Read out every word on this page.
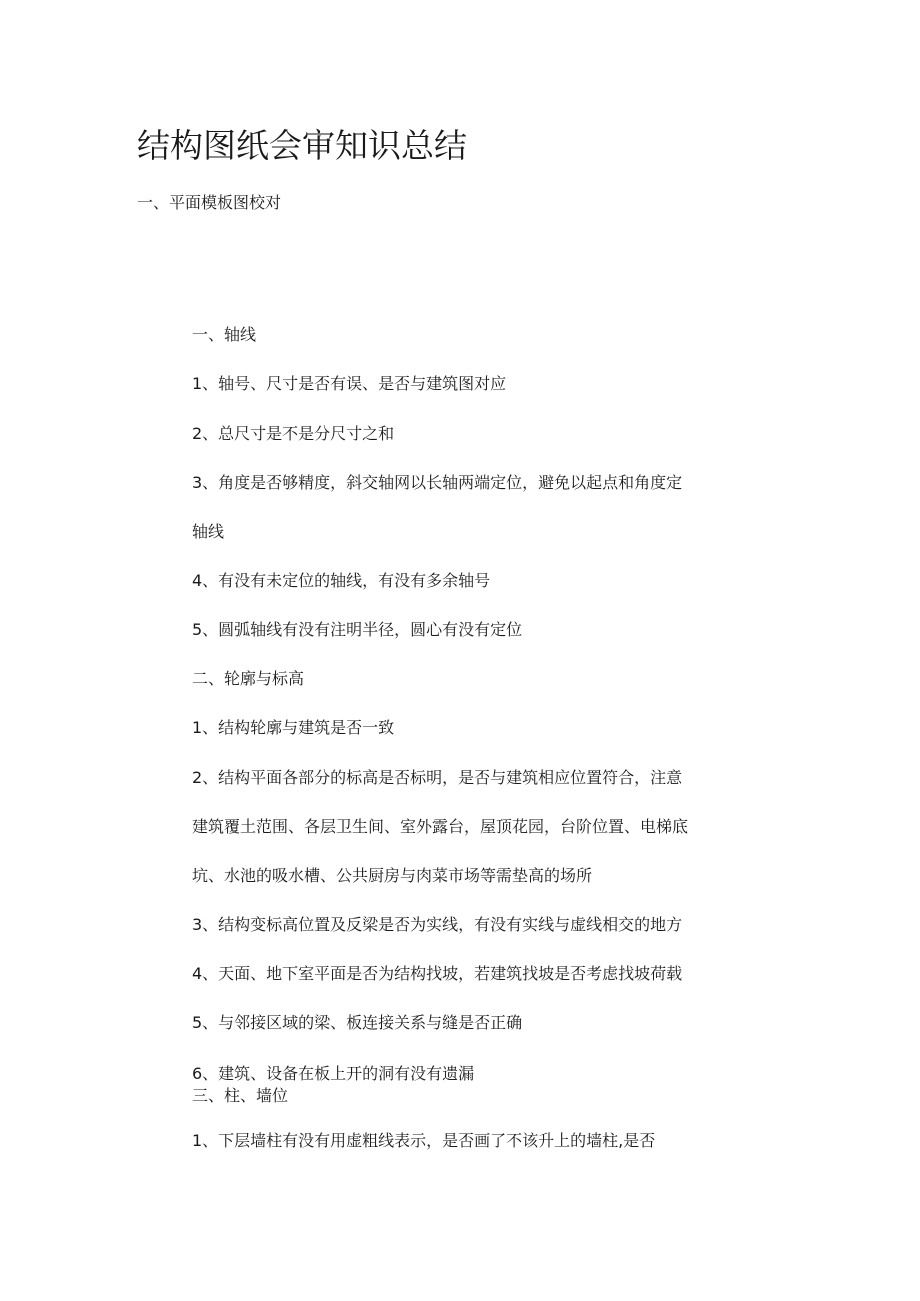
结构图纸会审知识总结
一、平面模板图校对

一、轴线

1、轴号、尺寸是否有误、是否与建筑图对应

2、总尺寸是不是分尺寸之和

3、角度是否够精度，斜交轴网以长轴两端定位，避免以起点和角度定

轴线

4、有没有未定位的轴线，有没有多余轴号

5、圆弧轴线有没有注明半径，圆心有没有定位

二、轮廓与标高

1、结构轮廓与建筑是否一致

2、结构平面各部分的标高是否标明，是否与建筑相应位置符合，注意

建筑覆土范围、各层卫生间、室外露台，屋顶花园，台阶位置、电梯底

坑、水池的吸水槽、公共厨房与肉菜市场等需垫高的场所

3、结构变标高位置及反梁是否为实线，有没有实线与虚线相交的地方

4、天面、地下室平面是否为结构找坡，若建筑找坡是否考虑找坡荷载

5、与邻接区域的梁、板连接关系与缝是否正确

6、建筑、设备在板上开的洞有没有遗漏

三、柱、墙位

1、下层墙柱有没有用虚粗线表示，是否画了不该升上的墙柱,是否
